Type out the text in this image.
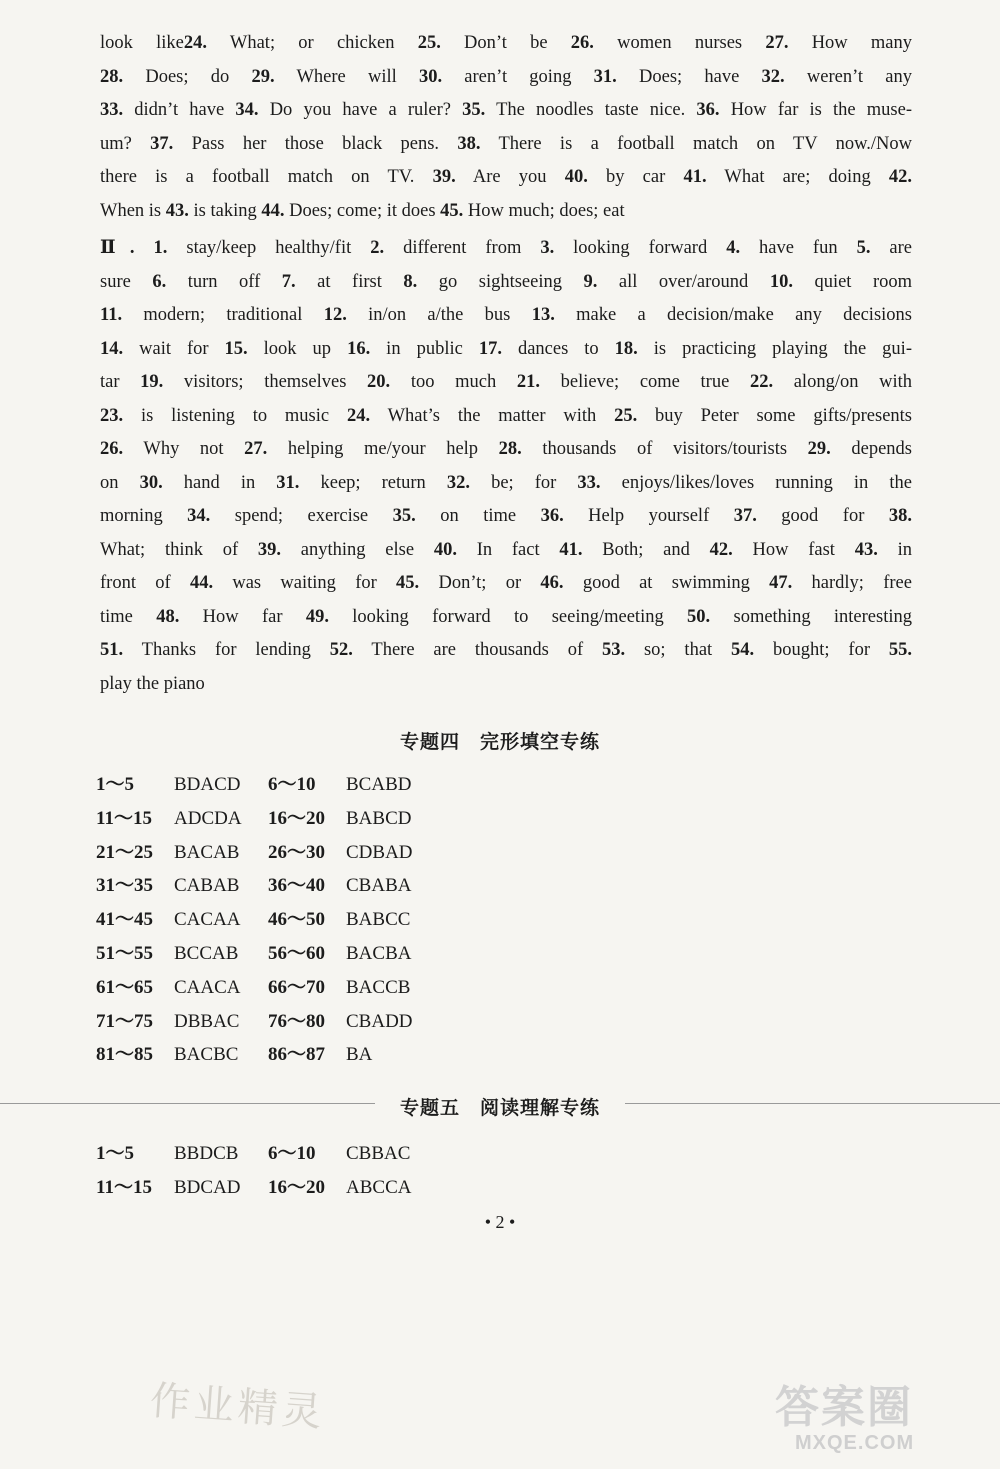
look like24. What; or chicken 25. Don’t be 26. women nurses 27. How many
28. Does; do 29. Where will 30. aren’t going 31. Does; have 32. weren’t any
33. didn’t have 34. Do you have a ruler? 35. The noodles taste nice. 36. How far is the muse-
um? 37. Pass her those black pens. 38. There is a football match on TV now./Now
there is a football match on TV. 39. Are you 40. by car 41. What are; doing 42.
When is 43. is taking 44. Does; come; it does 45. How much; does; eat
Ⅱ. 1. stay/keep healthy/fit 2. different from 3. looking forward 4. have fun 5. are
sure 6. turn off 7. at first 8. go sightseeing 9. all over/around 10. quiet room
11. modern; traditional 12. in/on a/the bus 13. make a decision/make any decisions
14. wait for 15. look up 16. in public 17. dances to 18. is practicing playing the gui-
tar 19. visitors; themselves 20. too much 21. believe; come true 22. along/on with
23. is listening to music 24. What’s the matter with 25. buy Peter some gifts/presents
26. Why not 27. helping me/your help 28. thousands of visitors/tourists 29. depends
on 30. hand in 31. keep; return 32. be; for 33. enjoys/likes/loves running in the
morning 34. spend; exercise 35. on time 36. Help yourself 37. good for 38.
What; think of 39. anything else 40. In fact 41. Both; and 42. How fast 43. in
front of 44. was waiting for 45. Don’t; or 46. good at swimming 47. hardly; free
time 48. How far 49. looking forward to seeing/meeting 50. something interesting
51. Thanks for lending 52. There are thousands of 53. so; that 54. bought; for 55.
play the piano
专题四　完形填空专练
1～5 BDACD 6～10 BCABD
11～15 ADCDA 16～20 BABCD
21～25 BACAB 26～30 CDBAD
31～35 CABAB 36～40 CBABA
41～45 CACAA 46～50 BABCC
51～55 BCCAB 56～60 BACBA
61～65 CAACA 66～70 BACCB
71～75 DBBAC 76～80 CBADD
81～85 BACBC 86～87 BA
专题五　阅读理解专练
1～5 BBDCB 6～10 CBBAC
11～15 BDCAD 16～20 ABCCA
• 2 •
作业精灵	答案圈
MXQE.COM
